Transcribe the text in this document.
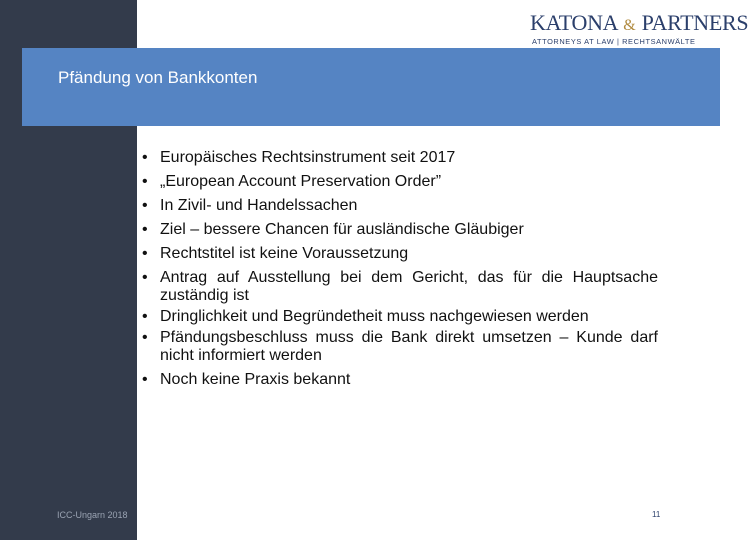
Pfändung von Bankkonten
KATONA & PARTNERS
ATTORNEYS AT LAW | RECHTSANWÄLTE
• Europäisches Rechtsinstrument seit 2017
• „European Account Preservation Order”
• In Zivil- und Handelssachen
• Ziel – bessere Chancen für ausländische Gläubiger
• Rechtstitel ist keine Voraussetzung
• Antrag auf Ausstellung bei dem Gericht, das für die Hauptsache zuständig ist
• Dringlichkeit und Begründetheit muss nachgewiesen werden
• Pfändungsbeschluss muss die Bank direkt umsetzen – Kunde darf nicht informiert werden
• Noch keine Praxis bekannt
ICC-Ungarn 2018	11
